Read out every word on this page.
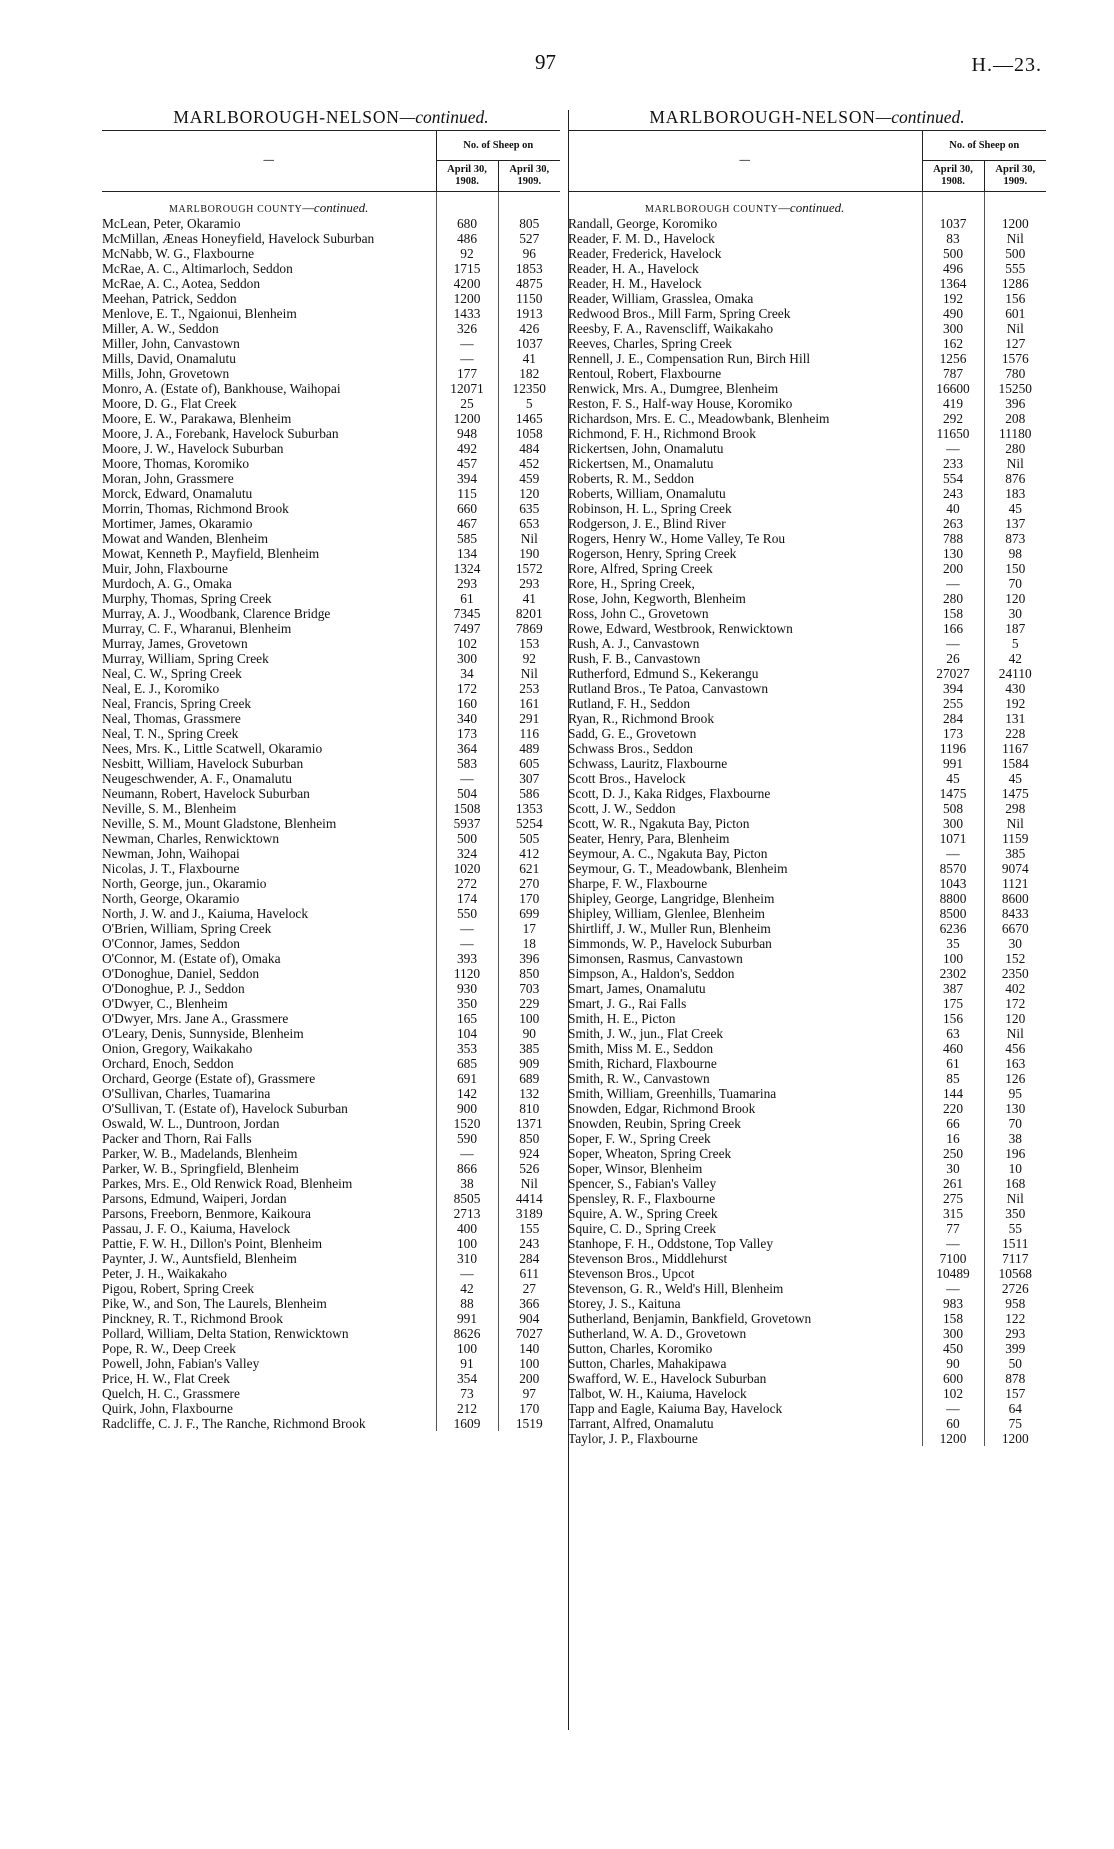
97	H.—23.
MARLBOROUGH-NELSON—continued.
—	No. of Sheep on	
	April 30, 1908.	April 30, 1909.
MARLBOROUGH COUNTY—continued.		
McLean, Peter, Okaramio	680	805
McMillan, Æneas Honeyfield, Havelock Suburban	486	527
McNabb, W. G., Flaxbourne	92	96
McRae, A. C., Altimarloch, Seddon	1715	1853
McRae, A. C., Aotea, Seddon	4200	4875
Meehan, Patrick, Seddon	1200	1150
Menlove, E. T., Ngaionui, Blenheim	1433	1913
Miller, A. W., Seddon	326	426
Miller, John, Canvastown	—	1037
Mills, David, Onamalutu	—	41
Mills, John, Grovetown	177	182
Monro, A. (Estate of), Bankhouse, Waihopai	12071	12350
Moore, D. G., Flat Creek	25	5
Moore, E. W., Parakawa, Blenheim	1200	1465
Moore, J. A., Forebank, Havelock Suburban	948	1058
Moore, J. W., Havelock Suburban	492	484
Moore, Thomas, Koromiko	457	452
Moran, John, Grassmere	394	459
Morck, Edward, Onamalutu	115	120
Morrin, Thomas, Richmond Brook	660	635
Mortimer, James, Okaramio	467	653
Mowat and Wanden, Blenheim	585	Nil
Mowat, Kenneth P., Mayfield, Blenheim	134	190
Muir, John, Flaxbourne	1324	1572
Murdoch, A. G., Omaka	293	293
Murphy, Thomas, Spring Creek	61	41
Murray, A. J., Woodbank, Clarence Bridge	7345	8201
Murray, C. F., Wharanui, Blenheim	7497	7869
Murray, James, Grovetown	102	153
Murray, William, Spring Creek	300	92
Neal, C. W., Spring Creek	34	Nil
Neal, E. J., Koromiko	172	253
Neal, Francis, Spring Creek	160	161
Neal, Thomas, Grassmere	340	291
Neal, T. N., Spring Creek	173	116
Nees, Mrs. K., Little Scatwell, Okaramio	364	489
Nesbitt, William, Havelock Suburban	583	605
Neugeschwender, A. F., Onamalutu	—	307
Neumann, Robert, Havelock Suburban	504	586
Neville, S. M., Blenheim	1508	1353
Neville, S. M., Mount Gladstone, Blenheim	5937	5254
Newman, Charles, Renwicktown	500	505
Newman, John, Waihopai	324	412
Nicolas, J. T., Flaxbourne	1020	621
North, George, jun., Okaramio	272	270
North, George, Okaramio	174	170
North, J. W. and J., Kaiuma, Havelock	550	699
O'Brien, William, Spring Creek	—	17
O'Connor, James, Seddon	—	18
O'Connor, M. (Estate of), Omaka	393	396
O'Donoghue, Daniel, Seddon	1120	850
O'Donoghue, P. J., Seddon	930	703
O'Dwyer, C., Blenheim	350	229
O'Dwyer, Mrs. Jane A., Grassmere	165	100
O'Leary, Denis, Sunnyside, Blenheim	104	90
Onion, Gregory, Waikakaho	353	385
Orchard, Enoch, Seddon	685	909
Orchard, George (Estate of), Grassmere	691	689
O'Sullivan, Charles, Tuamarina	142	132
O'Sullivan, T. (Estate of), Havelock Suburban	900	810
Oswald, W. L., Duntroon, Jordan	1520	1371
Packer and Thorn, Rai Falls	590	850
Parker, W. B., Madelands, Blenheim	—	924
Parker, W. B., Springfield, Blenheim	866	526
Parkes, Mrs. E., Old Renwick Road, Blenheim	38	Nil
Parsons, Edmund, Waiperi, Jordan	8505	4414
Parsons, Freeborn, Benmore, Kaikoura	2713	3189
Passau, J. F. O., Kaiuma, Havelock	400	155
Pattie, F. W. H., Dillon's Point, Blenheim	100	243
Paynter, J. W., Auntsfield, Blenheim	310	284
Peter, J. H., Waikakaho	—	611
Pigou, Robert, Spring Creek	42	27
Pike, W., and Son, The Laurels, Blenheim	88	366
Pinckney, R. T., Richmond Brook	991	904
Pollard, William, Delta Station, Renwicktown	8626	7027
Pope, R. W., Deep Creek	100	140
Powell, John, Fabian's Valley	91	100
Price, H. W., Flat Creek	354	200
Quelch, H. C., Grassmere	73	97
Quirk, John, Flaxbourne	212	170
Radcliffe, C. J. F., The Ranche, Richmond Brook	1609	1519
MARLBOROUGH-NELSON—continued.
—	No. of Sheep on	
	April 30, 1908.	April 30, 1909.
MARLBOROUGH COUNTY—continued.		
Randall, George, Koromiko	1037	1200
Reader, F. M. D., Havelock	83	Nil
Reader, Frederick, Havelock	500	500
Reader, H. A., Havelock	496	555
Reader, H. M., Havelock	1364	1286
Reader, William, Grasslea, Omaka	192	156
Redwood Bros., Mill Farm, Spring Creek	490	601
Reesby, F. A., Ravenscliff, Waikakaho	300	Nil
Reeves, Charles, Spring Creek	162	127
Rennell, J. E., Compensation Run, Birch Hill	1256	1576
Rentoul, Robert, Flaxbourne	787	780
Renwick, Mrs. A., Dumgree, Blenheim	16600	15250
Reston, F. S., Half-way House, Koromiko	419	396
Richardson, Mrs. E. C., Meadowbank, Blenheim	292	208
Richmond, F. H., Richmond Brook	11650	11180
Rickertsen, John, Onamalutu	—	280
Rickertsen, M., Onamalutu	233	Nil
Roberts, R. M., Seddon	554	876
Roberts, William, Onamalutu	243	183
Robinson, H. L., Spring Creek	40	45
Rodgerson, J. E., Blind River	263	137
Rogers, Henry W., Home Valley, Te Rou	788	873
Rogerson, Henry, Spring Creek	130	98
Rore, Alfred, Spring Creek	200	150
Rore, H., Spring Creek,	—	70
Rose, John, Kegworth, Blenheim	280	120
Ross, John C., Grovetown	158	30
Rowe, Edward, Westbrook, Renwicktown	166	187
Rush, A. J., Canvastown	—	5
Rush, F. B., Canvastown	26	42
Rutherford, Edmund S., Kekerangu	27027	24110
Rutland Bros., Te Patoa, Canvastown	394	430
Rutland, F. H., Seddon	255	192
Ryan, R., Richmond Brook	284	131
Sadd, G. E., Grovetown	173	228
Schwass Bros., Seddon	1196	1167
Schwass, Lauritz, Flaxbourne	991	1584
Scott Bros., Havelock	45	45
Scott, D. J., Kaka Ridges, Flaxbourne	1475	1475
Scott, J. W., Seddon	508	298
Scott, W. R., Ngakuta Bay, Picton	300	Nil
Seater, Henry, Para, Blenheim	1071	1159
Seymour, A. C., Ngakuta Bay, Picton	—	385
Seymour, G. T., Meadowbank, Blenheim	8570	9074
Sharpe, F. W., Flaxbourne	1043	1121
Shipley, George, Langridge, Blenheim	8800	8600
Shipley, William, Glenlee, Blenheim	8500	8433
Shirtliff, J. W., Muller Run, Blenheim	6236	6670
Simmonds, W. P., Havelock Suburban	35	30
Simonsen, Rasmus, Canvastown	100	152
Simpson, A., Haldon's, Seddon	2302	2350
Smart, James, Onamalutu	387	402
Smart, J. G., Rai Falls	175	172
Smith, H. E., Picton	156	120
Smith, J. W., jun., Flat Creek	63	Nil
Smith, Miss M. E., Seddon	460	456
Smith, Richard, Flaxbourne	61	163
Smith, R. W., Canvastown	85	126
Smith, William, Greenhills, Tuamarina	144	95
Snowden, Edgar, Richmond Brook	220	130
Snowden, Reubin, Spring Creek	66	70
Soper, F. W., Spring Creek	16	38
Soper, Wheaton, Spring Creek	250	196
Soper, Winsor, Blenheim	30	10
Spencer, S., Fabian's Valley	261	168
Spensley, R. F., Flaxbourne	275	Nil
Squire, A. W., Spring Creek	315	350
Squire, C. D., Spring Creek	77	55
Stanhope, F. H., Oddstone, Top Valley	—	1511
Stevenson Bros., Middlehurst	7100	7117
Stevenson Bros., Upcot	10489	10568
Stevenson, G. R., Weld's Hill, Blenheim	—	2726
Storey, J. S., Kaituna	983	958
Sutherland, Benjamin, Bankfield, Grovetown	158	122
Sutherland, W. A. D., Grovetown	300	293
Sutton, Charles, Koromiko	450	399
Sutton, Charles, Mahakipawa	90	50
Swafford, W. E., Havelock Suburban	600	878
Talbot, W. H., Kaiuma, Havelock	102	157
Tapp and Eagle, Kaiuma Bay, Havelock	—	64
Tarrant, Alfred, Onamalutu	60	75
Taylor, J. P., Flaxbourne	1200	1200
